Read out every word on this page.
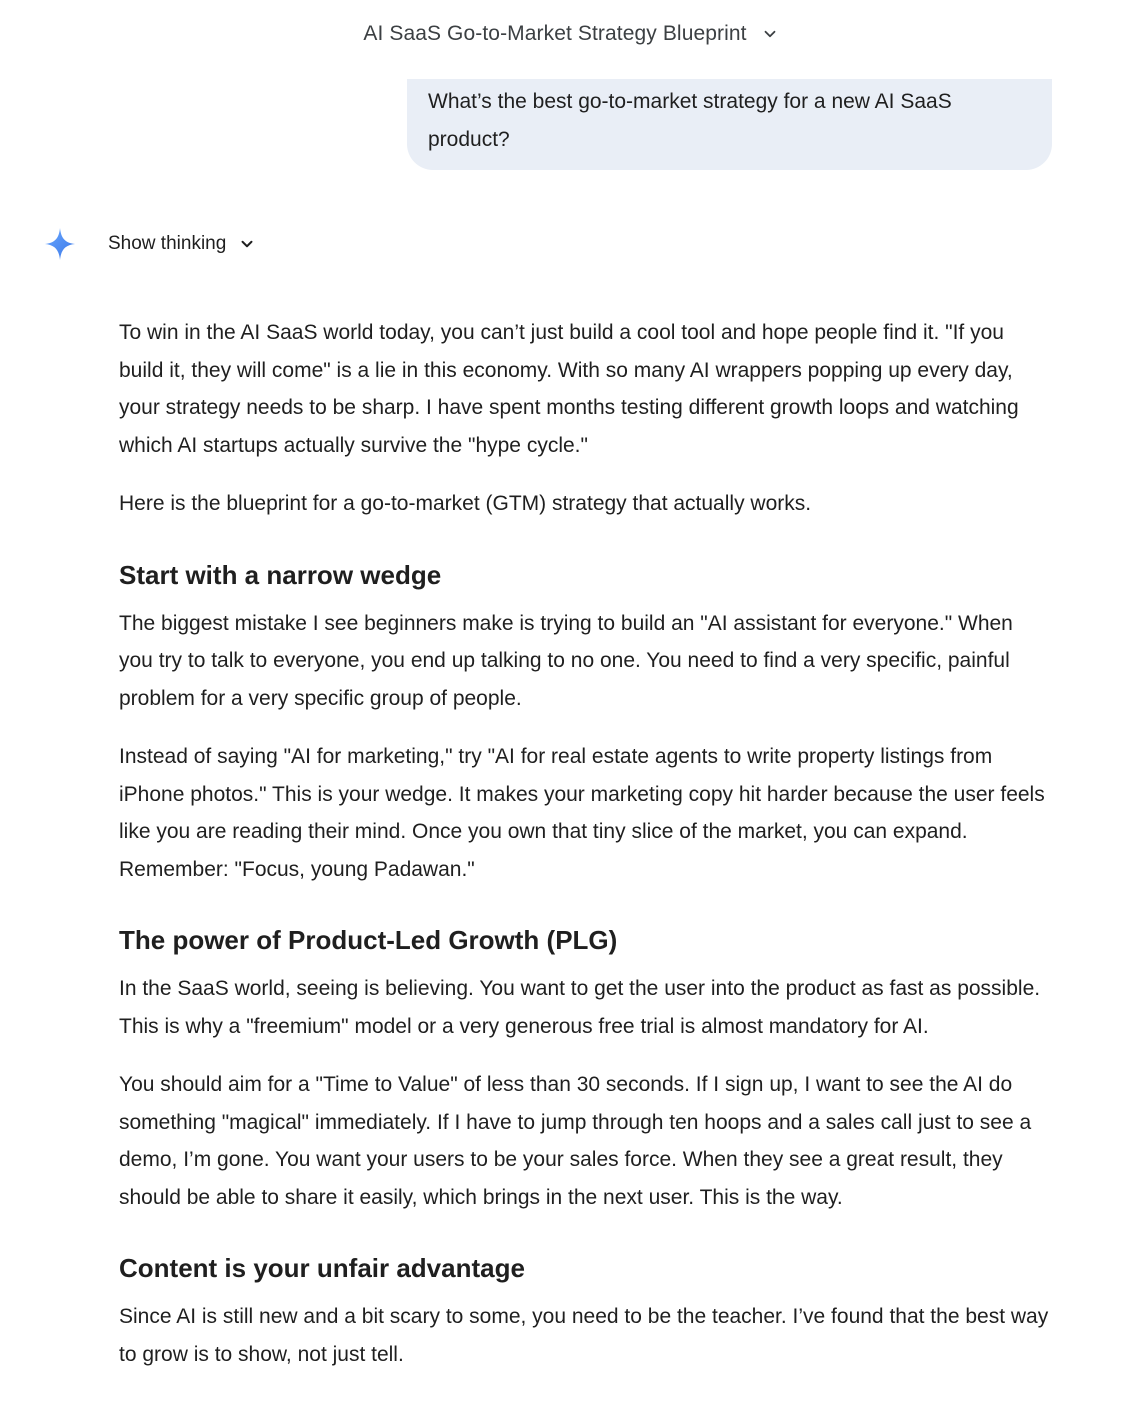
AI SaaS Go-to-Market Strategy Blueprint
What’s the best go-to-market strategy for a new AI SaaS product?
Show thinking

To win in the AI SaaS world today, you can’t just build a cool tool and hope people find it. "If you build it, they will come" is a lie in this economy. With so many AI wrappers popping up every day, your strategy needs to be sharp. I have spent months testing different growth loops and watching which AI startups actually survive the "hype cycle."

Here is the blueprint for a go-to-market (GTM) strategy that actually works.

Start with a narrow wedge

The biggest mistake I see beginners make is trying to build an "AI assistant for everyone." When you try to talk to everyone, you end up talking to no one. You need to find a very specific, painful problem for a very specific group of people.

Instead of saying "AI for marketing," try "AI for real estate agents to write property listings from iPhone photos." This is your wedge. It makes your marketing copy hit harder because the user feels like you are reading their mind. Once you own that tiny slice of the market, you can expand. Remember: "Focus, young Padawan."

The power of Product-Led Growth (PLG)

In the SaaS world, seeing is believing. You want to get the user into the product as fast as possible. This is why a "freemium" model or a very generous free trial is almost mandatory for AI.

You should aim for a "Time to Value" of less than 30 seconds. If I sign up, I want to see the AI do something "magical" immediately. If I have to jump through ten hoops and a sales call just to see a demo, I’m gone. You want your users to be your sales force. When they see a great result, they should be able to share it easily, which brings in the next user. This is the way.

Content is your unfair advantage

Since AI is still new and a bit scary to some, you need to be the teacher. I’ve found that the best way to grow is to show, not just tell.
